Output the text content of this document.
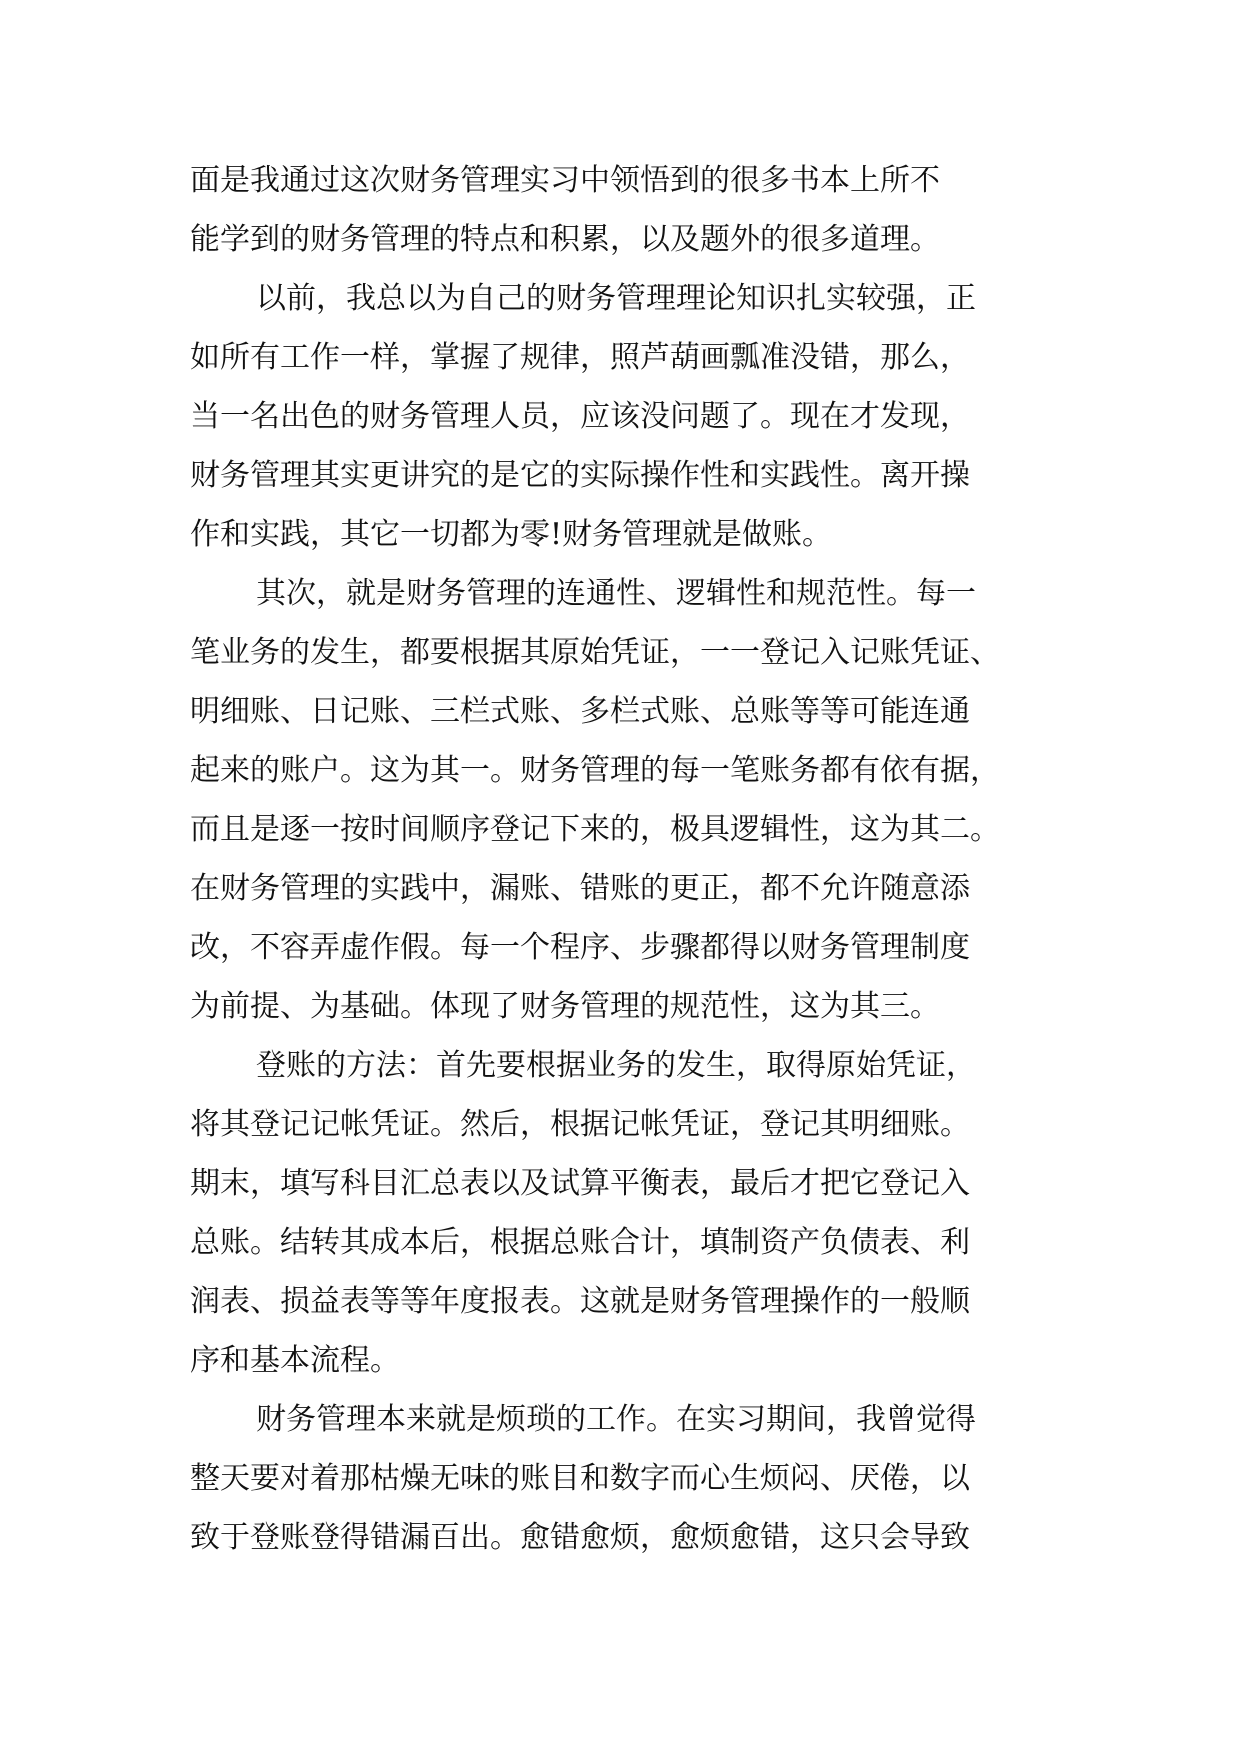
面是我通过这次财务管理实习中领悟到的很多书本上所不
能学到的财务管理的特点和积累，以及题外的很多道理。
以前，我总以为自己的财务管理理论知识扎实较强，正
如所有工作一样，掌握了规律，照芦葫画瓢准没错，那么，
当一名出色的财务管理人员，应该没问题了。现在才发现，
财务管理其实更讲究的是它的实际操作性和实践性。离开操
作和实践，其它一切都为零!财务管理就是做账。
其次，就是财务管理的连通性、逻辑性和规范性。每一
笔业务的发生，都要根据其原始凭证，一一登记入记账凭证、
明细账、日记账、三栏式账、多栏式账、总账等等可能连通
起来的账户。这为其一。财务管理的每一笔账务都有依有据，
而且是逐一按时间顺序登记下来的，极具逻辑性，这为其二。
在财务管理的实践中，漏账、错账的更正，都不允许随意添
改，不容弄虚作假。每一个程序、步骤都得以财务管理制度
为前提、为基础。体现了财务管理的规范性，这为其三。
登账的方法：首先要根据业务的发生，取得原始凭证，
将其登记记帐凭证。然后，根据记帐凭证，登记其明细账。
期末，填写科目汇总表以及试算平衡表，最后才把它登记入
总账。结转其成本后，根据总账合计，填制资产负债表、利
润表、损益表等等年度报表。这就是财务管理操作的一般顺
序和基本流程。
财务管理本来就是烦琐的工作。在实习期间，我曾觉得
整天要对着那枯燥无味的账目和数字而心生烦闷、厌倦，以
致于登账登得错漏百出。愈错愈烦，愈烦愈错，这只会导致
